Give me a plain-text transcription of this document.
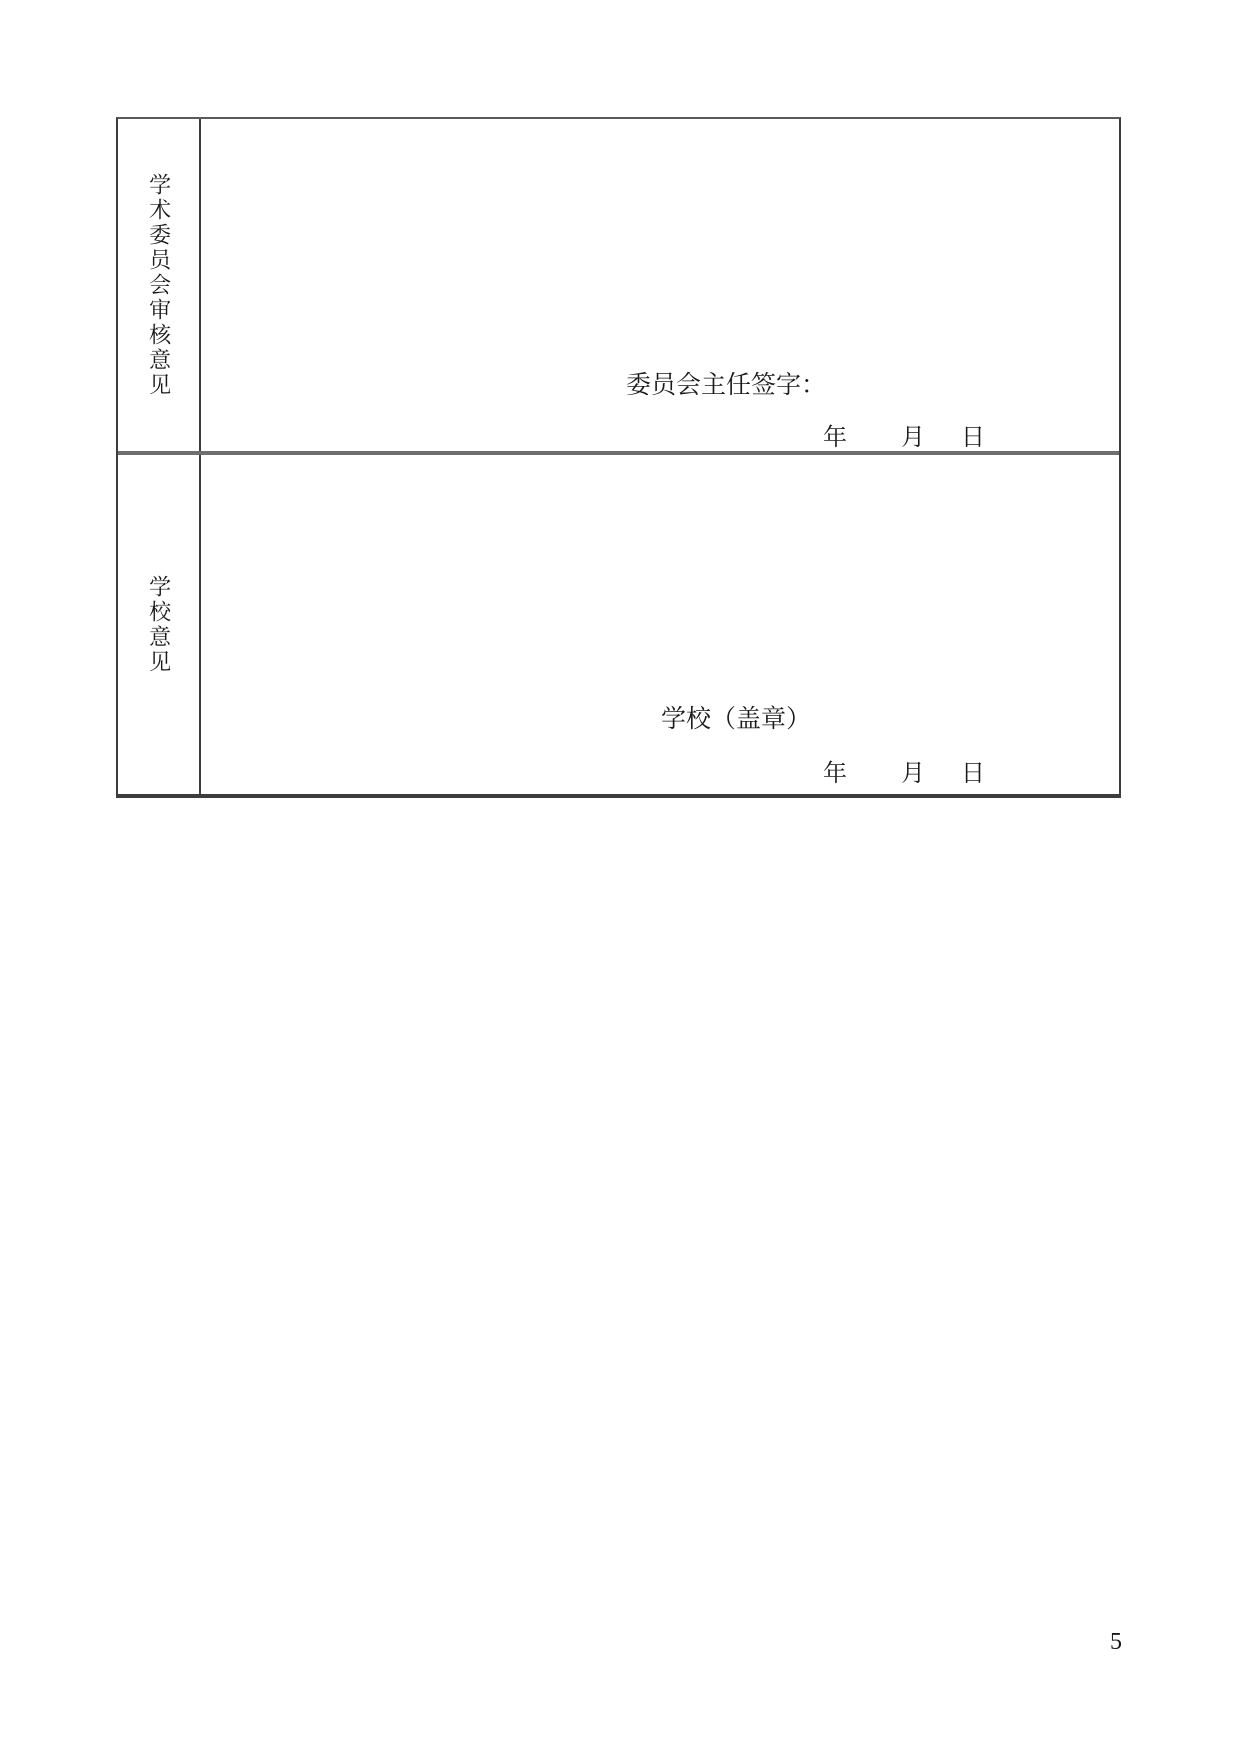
学术委员会审核意见	委员会主任签字：
年 月 日
学校意见
学校（盖章）
年 月 日
5
